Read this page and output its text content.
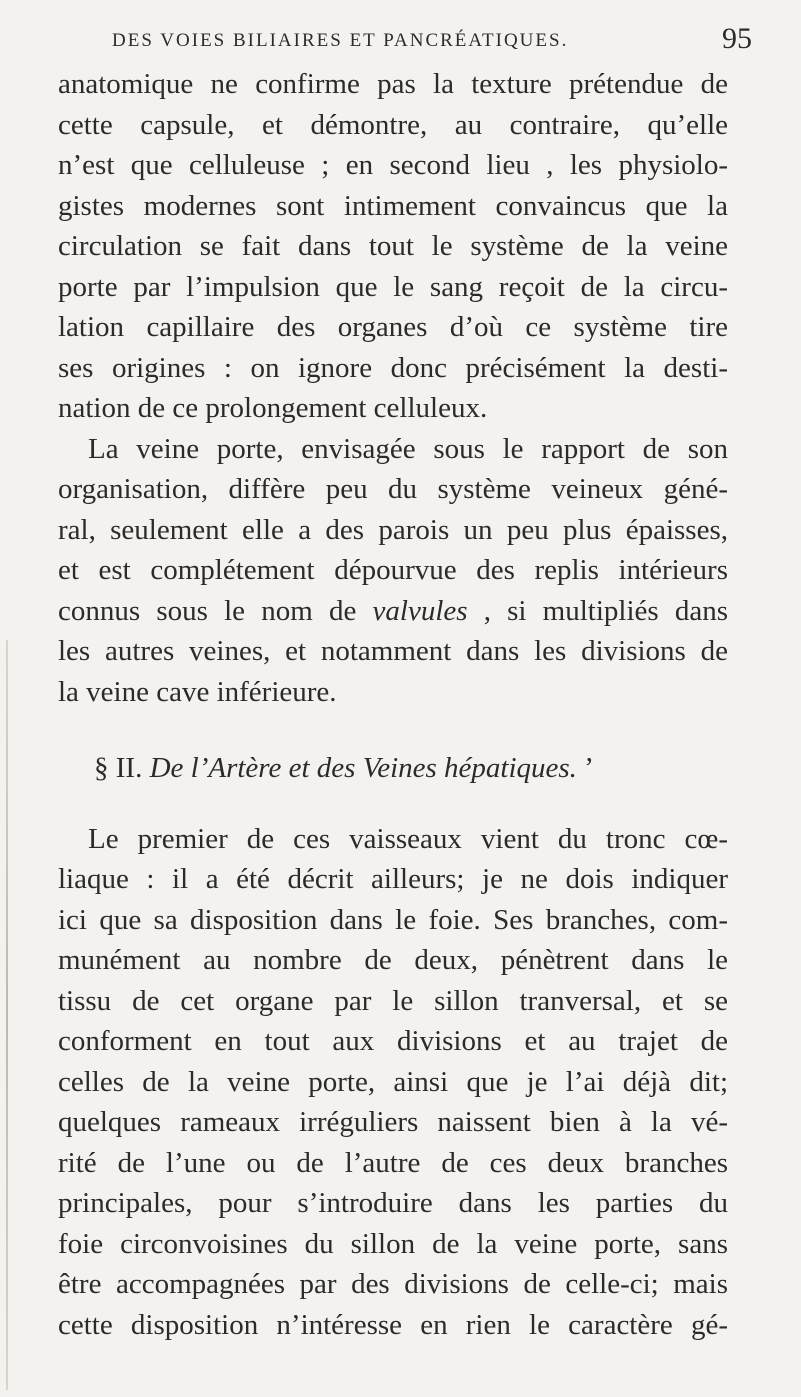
DES VOIES BILIAIRES ET PANCRÉATIQUES.	95
anatomique ne confirme pas la texture prétendue de
cette capsule, et démontre, au contraire, qu’elle
n’est que celluleuse ; en second lieu , les physiolo-
gistes modernes sont intimement convaincus que la
circulation se fait dans tout le système de la veine
porte par l’impulsion que le sang reçoit de la circu-
lation capillaire des organes d’où ce système tire
ses origines : on ignore donc précisément la desti-
nation de ce prolongement celluleux.
La veine porte, envisagée sous le rapport de son
organisation, diffère peu du système veineux géné-
ral, seulement elle a des parois un peu plus épaisses,
et est complétement dépourvue des replis intérieurs
connus sous le nom de valvules , si multipliés dans
les autres veines, et notamment dans les divisions de
la veine cave inférieure.
§ II. De l’Artère et des Veines hépatiques. ’
Le premier de ces vaisseaux vient du tronc cœ-
liaque : il a été décrit ailleurs; je ne dois indiquer
ici que sa disposition dans le foie. Ses branches, com-
munément au nombre de deux, pénètrent dans le
tissu de cet organe par le sillon tranversal, et se
conforment en tout aux divisions et au trajet de
celles de la veine porte, ainsi que je l’ai déjà dit;
quelques rameaux irréguliers naissent bien à la vé-
rité de l’une ou de l’autre de ces deux branches
principales, pour s’introduire dans les parties du
foie circonvoisines du sillon de la veine porte, sans
être accompagnées par des divisions de celle-ci; mais
cette disposition n’intéresse en rien le caractère gé-
